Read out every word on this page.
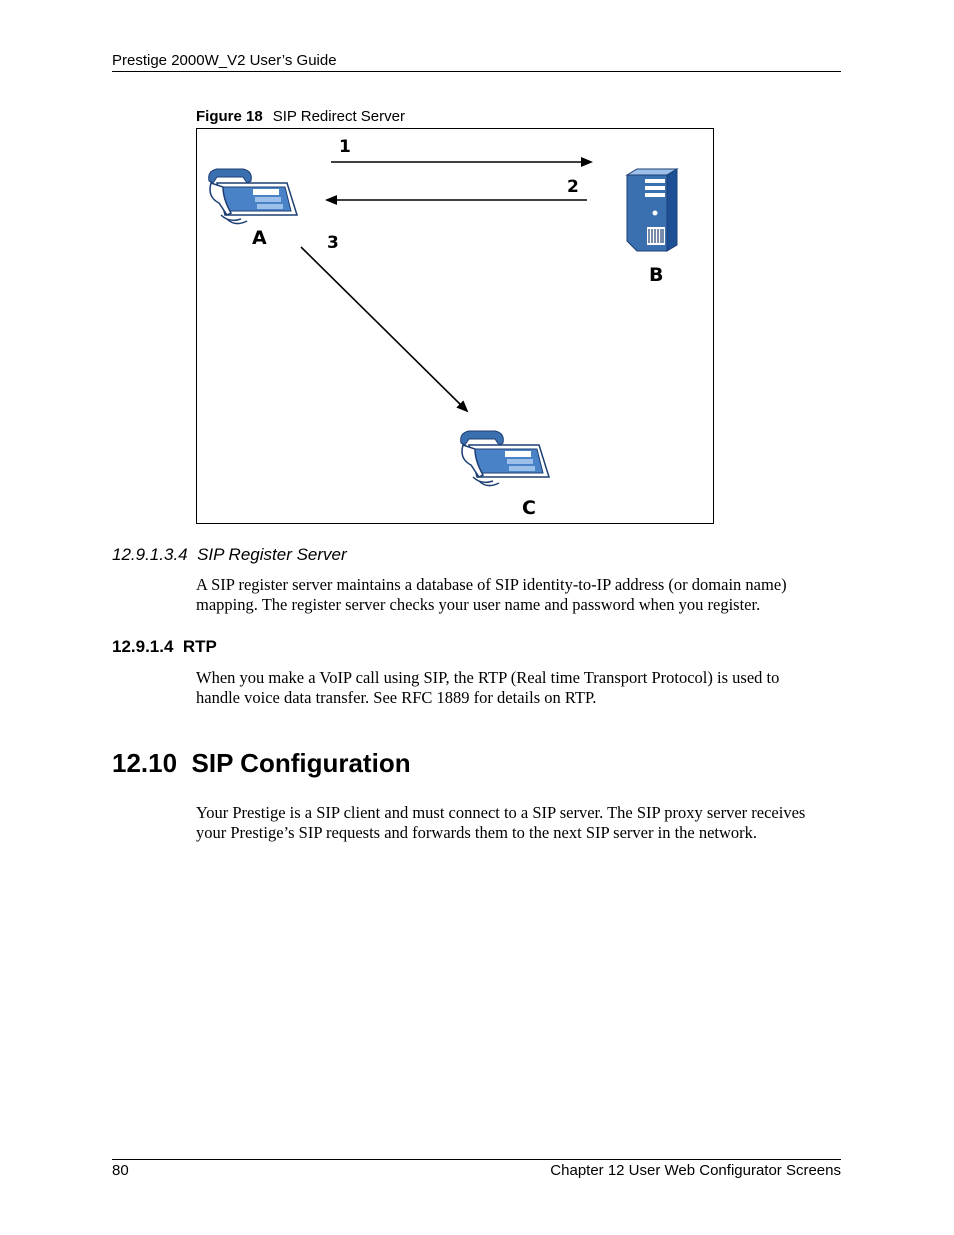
Prestige 2000W_V2 User’s Guide
Figure 18 SIP Redirect Server
A
B
C
1
2
3
12.9.1.3.4  SIP Register Server
A SIP register server maintains a database of SIP identity-to-IP address (or domain name)
mapping. The register server checks your user name and password when you register.
12.9.1.4  RTP
When you make a VoIP call using SIP, the RTP (Real time Transport Protocol) is used to
handle voice data transfer. See RFC 1889 for details on RTP.
12.10  SIP Configuration
Your Prestige is a SIP client and must connect to a SIP server. The SIP proxy server receives
your Prestige’s SIP requests and forwards them to the next SIP server in the network.
80	Chapter 12 User Web Configurator Screens
